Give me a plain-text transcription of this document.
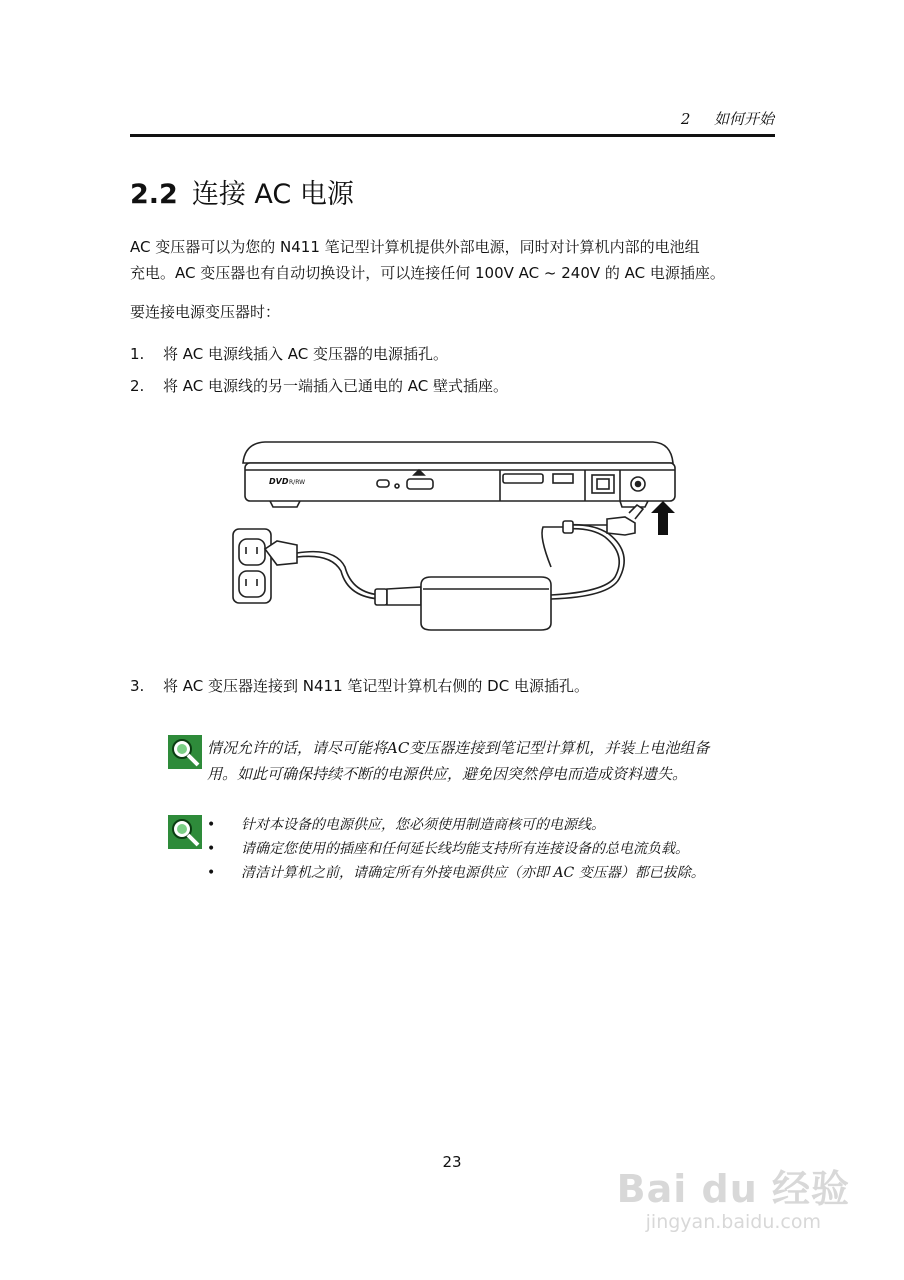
2 如何开始
2.2 连接 AC 电源
AC 变压器可以为您的 N411 笔记型计算机提供外部电源，同时对计算机内部的电池组
充电。AC 变压器也有自动切换设计，可以连接任何 100V AC ~ 240V 的 AC 电源插座。
要连接电源变压器时：
1. 将 AC 电源线插入 AC 变压器的电源插孔。
2. 将 AC 电源线的另一端插入已通电的 AC 壁式插座。
DVD R/RW
3. 将 AC 变压器连接到 N411 笔记型计算机右侧的 DC 电源插孔。
情况允许的话，请尽可能将AC变压器连接到笔记型计算机，并装上电池组备
用。如此可确保持续不断的电源供应，避免因突然停电而造成资料遗失。
• 针对本设备的电源供应，您必须使用制造商核可的电源线。
• 请确定您使用的插座和任何延长线均能支持所有连接设备的总电流负载。
• 清洁计算机之前，请确定所有外接电源供应（亦即 AC 变压器）都已拔除。
23
Bai du 经验
jingyan.baidu.com
